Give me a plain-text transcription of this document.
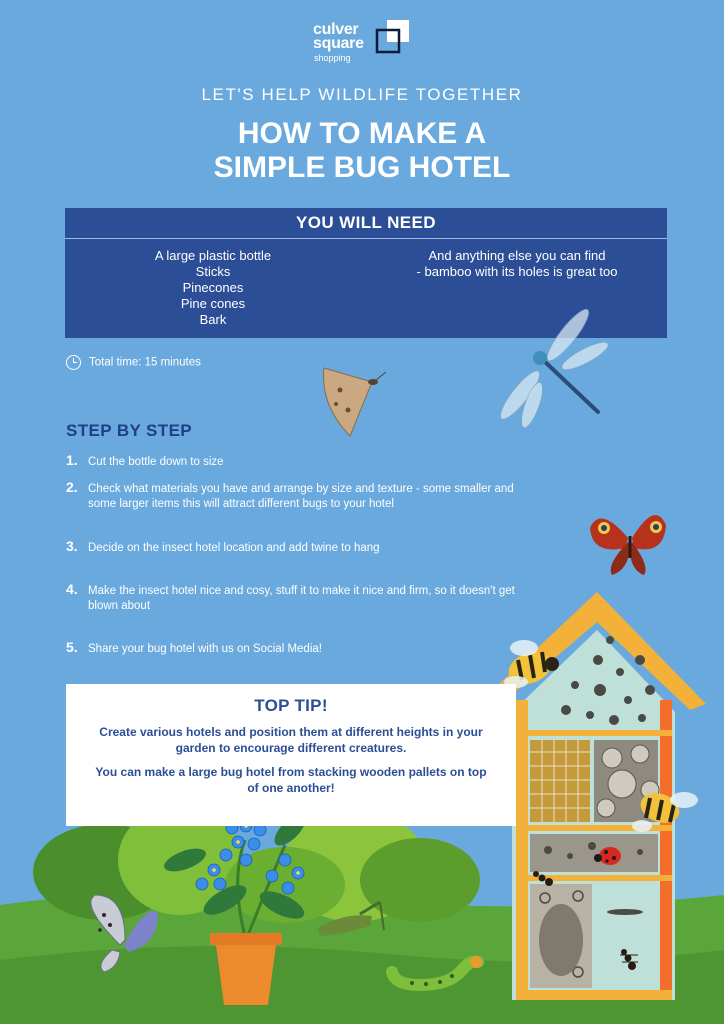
culver
square
shopping
LET'S HELP WILDLIFE TOGETHER
HOW TO MAKE A
SIMPLE BUG HOTEL
YOU WILL NEED
A large plastic bottle
Sticks
Pinecones
Pine cones
Bark
And anything else you can find
- bamboo with its holes is great too
Total time: 15 minutes
STEP BY STEP
1. Cut the bottle down to size
2. Check what materials you have and arrange by size and texture - some smaller and some larger items this will attract different bugs to your hotel
3. Decide on the insect hotel location and add twine to hang
4. Make the insect hotel nice and cosy, stuff it to make it nice and firm, so it doesn't get blown about
5. Share your bug hotel with us on Social Media!
TOP TIP!
Create various hotels and position them at different heights in your garden to encourage different creatures.
You can make a large bug hotel from stacking wooden pallets on top of one another!
